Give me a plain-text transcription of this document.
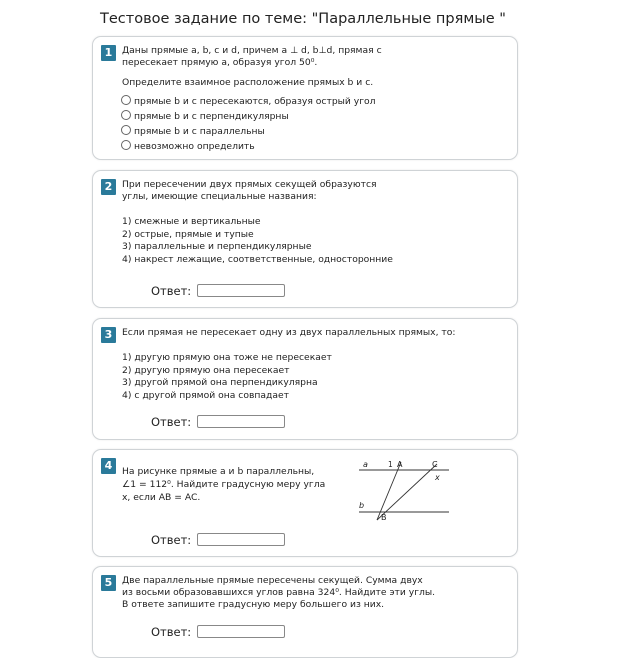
Тестовое задание по теме: "Параллельные прямые "
1	Даны прямые a, b, c и d, причем a ⊥ d, b⊥d, прямая c
пересекает прямую a, образуя угол 50⁰.
Определите взаимное расположение прямых b и c.
прямые b и c пересекаются, образуя острый угол
прямые b и c перпендикулярны
прямые b и c параллельны
невозможно определить
2	При пересечении двух прямых секущей образуются
углы, имеющие специальные названия:
1) смежные и вертикальные
2) острые, прямые и тупые
3) параллельные и перпендикулярные
4) накрест лежащие, соответственные, односторонние
Ответ:
3	Если прямая не пересекает одну из двух параллельных прямых, то:
1) другую прямую она тоже не пересекает
2) другую прямую она пересекает
3) другой прямой она перпендикулярна
4) с другой прямой она совпадает
Ответ:
4	На рисунке прямые a и b параллельны,
∠1 = 112⁰. Найдите градусную меру угла
x, если AB = AC.
a	1 A	C
x
b
B
Ответ:
5	Две параллельные прямые пересечены секущей. Сумма двух
из восьми образовавшихся углов равна 324⁰. Найдите эти углы.
В ответе запишите градусную меру большего из них.
Ответ:
